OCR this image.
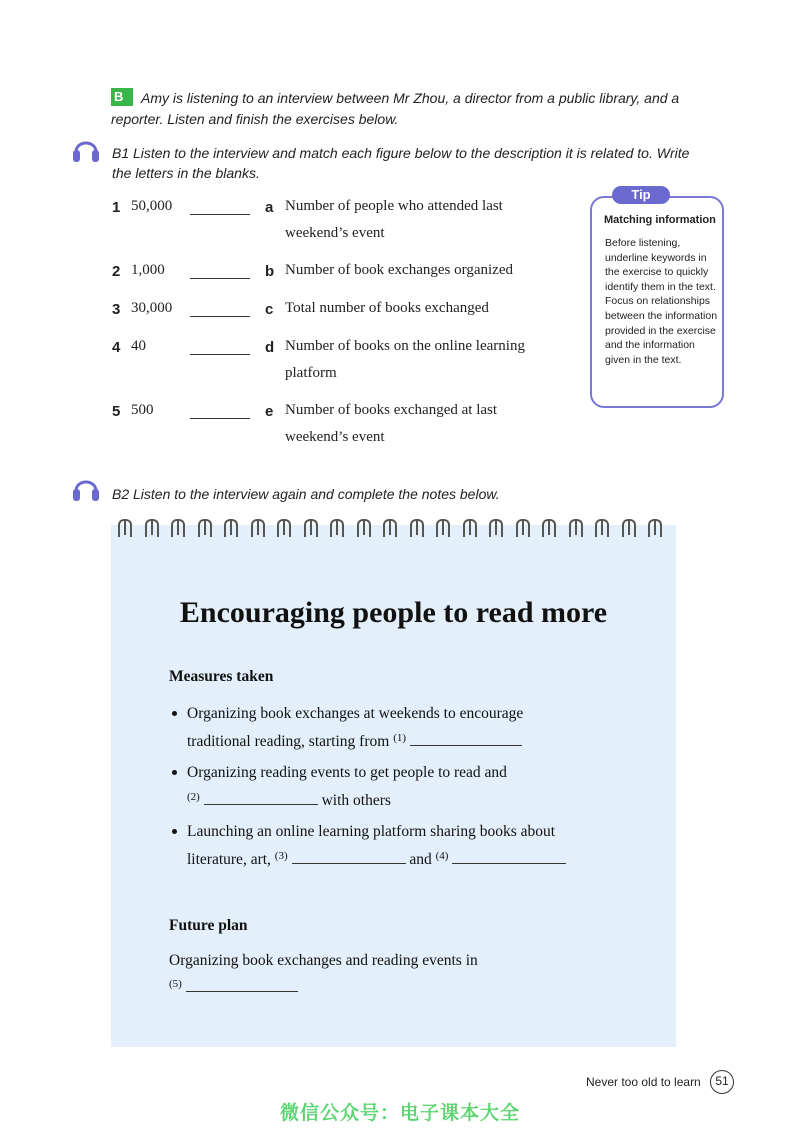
Amy is listening to an interview between Mr Zhou, a director from a public library, and a reporter. Listen and finish the exercises below.
B
B1 Listen to the interview and match each figure below to the description it is related to. Write the letters in the blanks.
1 50,000	a Number of people who attended last
weekend’s event
2 1,000	b Number of book exchanges organized
3 30,000	c Total number of books exchanged
4 40	d Number of books on the online learning
platform
5 500	e Number of books exchanged at last
weekend’s event
Tip
Matching information
Before listening, underline keywords in the exercise to quickly identify them in the text. Focus on relationships between the information provided in the exercise and the information given in the text.
B2 Listen to the interview again and complete the notes below.
Encouraging people to read more
Measures taken
Organizing book exchanges at weekends to encourage
traditional reading, starting from $^{(1)}$
Organizing reading events to get people to read and
$^{(2)}$	with others
Launching an online learning platform sharing books about
literature, art, $^{(3)}$	and $^{(4)}$
Future plan
Organizing book exchanges and reading events in
$^{(5)}$
Never too old to learn	51
微信公众号：电子课本大全
